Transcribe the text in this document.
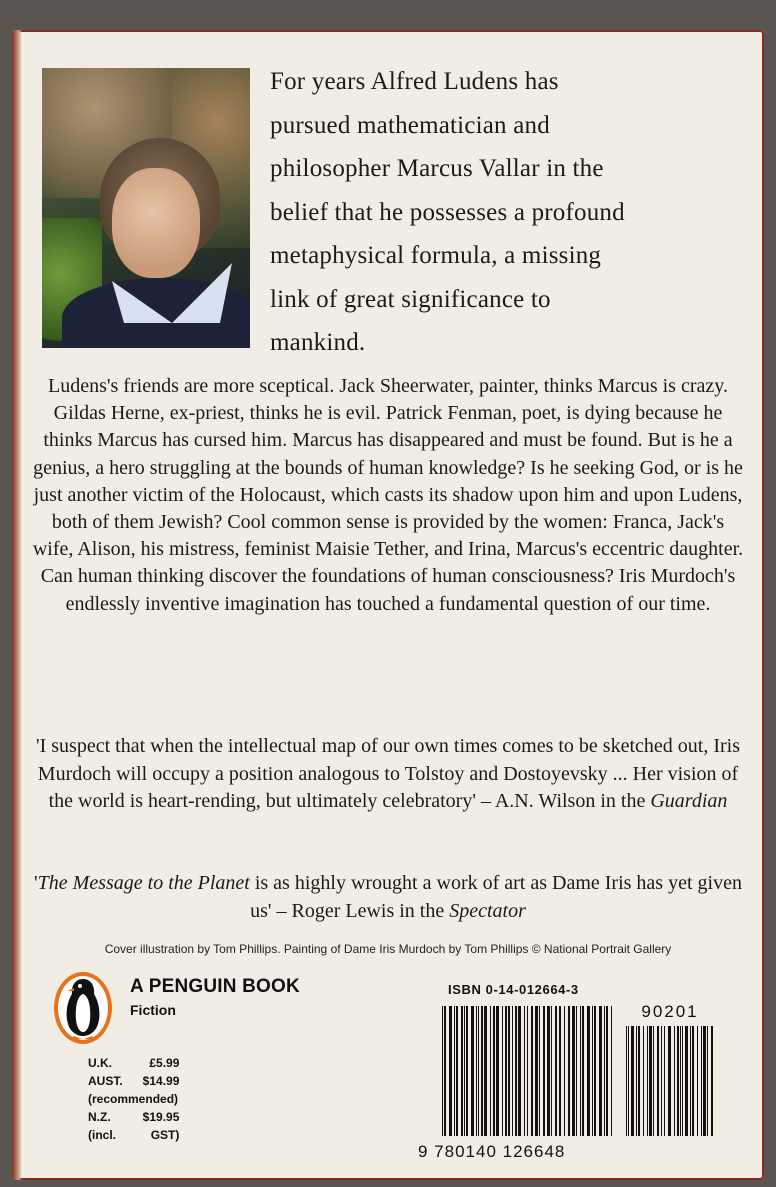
For years Alfred Ludens has
pursued mathematician and
philosopher Marcus Vallar in the
belief that he possesses a profound
metaphysical formula, a missing
link of great significance to
mankind.

Ludens's friends are more sceptical. Jack Sheerwater, painter, thinks Marcus is crazy. Gildas Herne, ex-priest, thinks he is evil. Patrick Fenman, poet, is dying because he thinks Marcus has cursed him. Marcus has disappeared and must be found. But is he a genius, a hero struggling at the bounds of human knowledge? Is he seeking God, or is he just another victim of the Holocaust, which casts its shadow upon him and upon Ludens, both of them Jewish? Cool common sense is provided by the women: Franca, Jack's wife, Alison, his mistress, feminist Maisie Tether, and Irina, Marcus's eccentric daughter. Can human thinking discover the foundations of human consciousness? Iris Murdoch's endlessly inventive imagination has touched a fundamental question of our time.

'I suspect that when the intellectual map of our own times comes to be sketched out, Iris Murdoch will occupy a position analogous to Tolstoy and Dostoyevsky ... Her vision of the world is heart-rending, but ultimately celebratory' – A.N. Wilson in the Guardian

'The Message to the Planet is as highly wrought a work of art as Dame Iris has yet given us' – Roger Lewis in the Spectator

Cover illustration by Tom Phillips. Painting of Dame Iris Murdoch by Tom Phillips © National Portrait Gallery

A PENGUIN BOOK
Fiction
U.K.	£5.99
AUST.	$14.99
(recommended)	
N.Z.	$19.95
(incl.	GST)
ISBN 0-14-012664-3
90201
9 780140 126648
